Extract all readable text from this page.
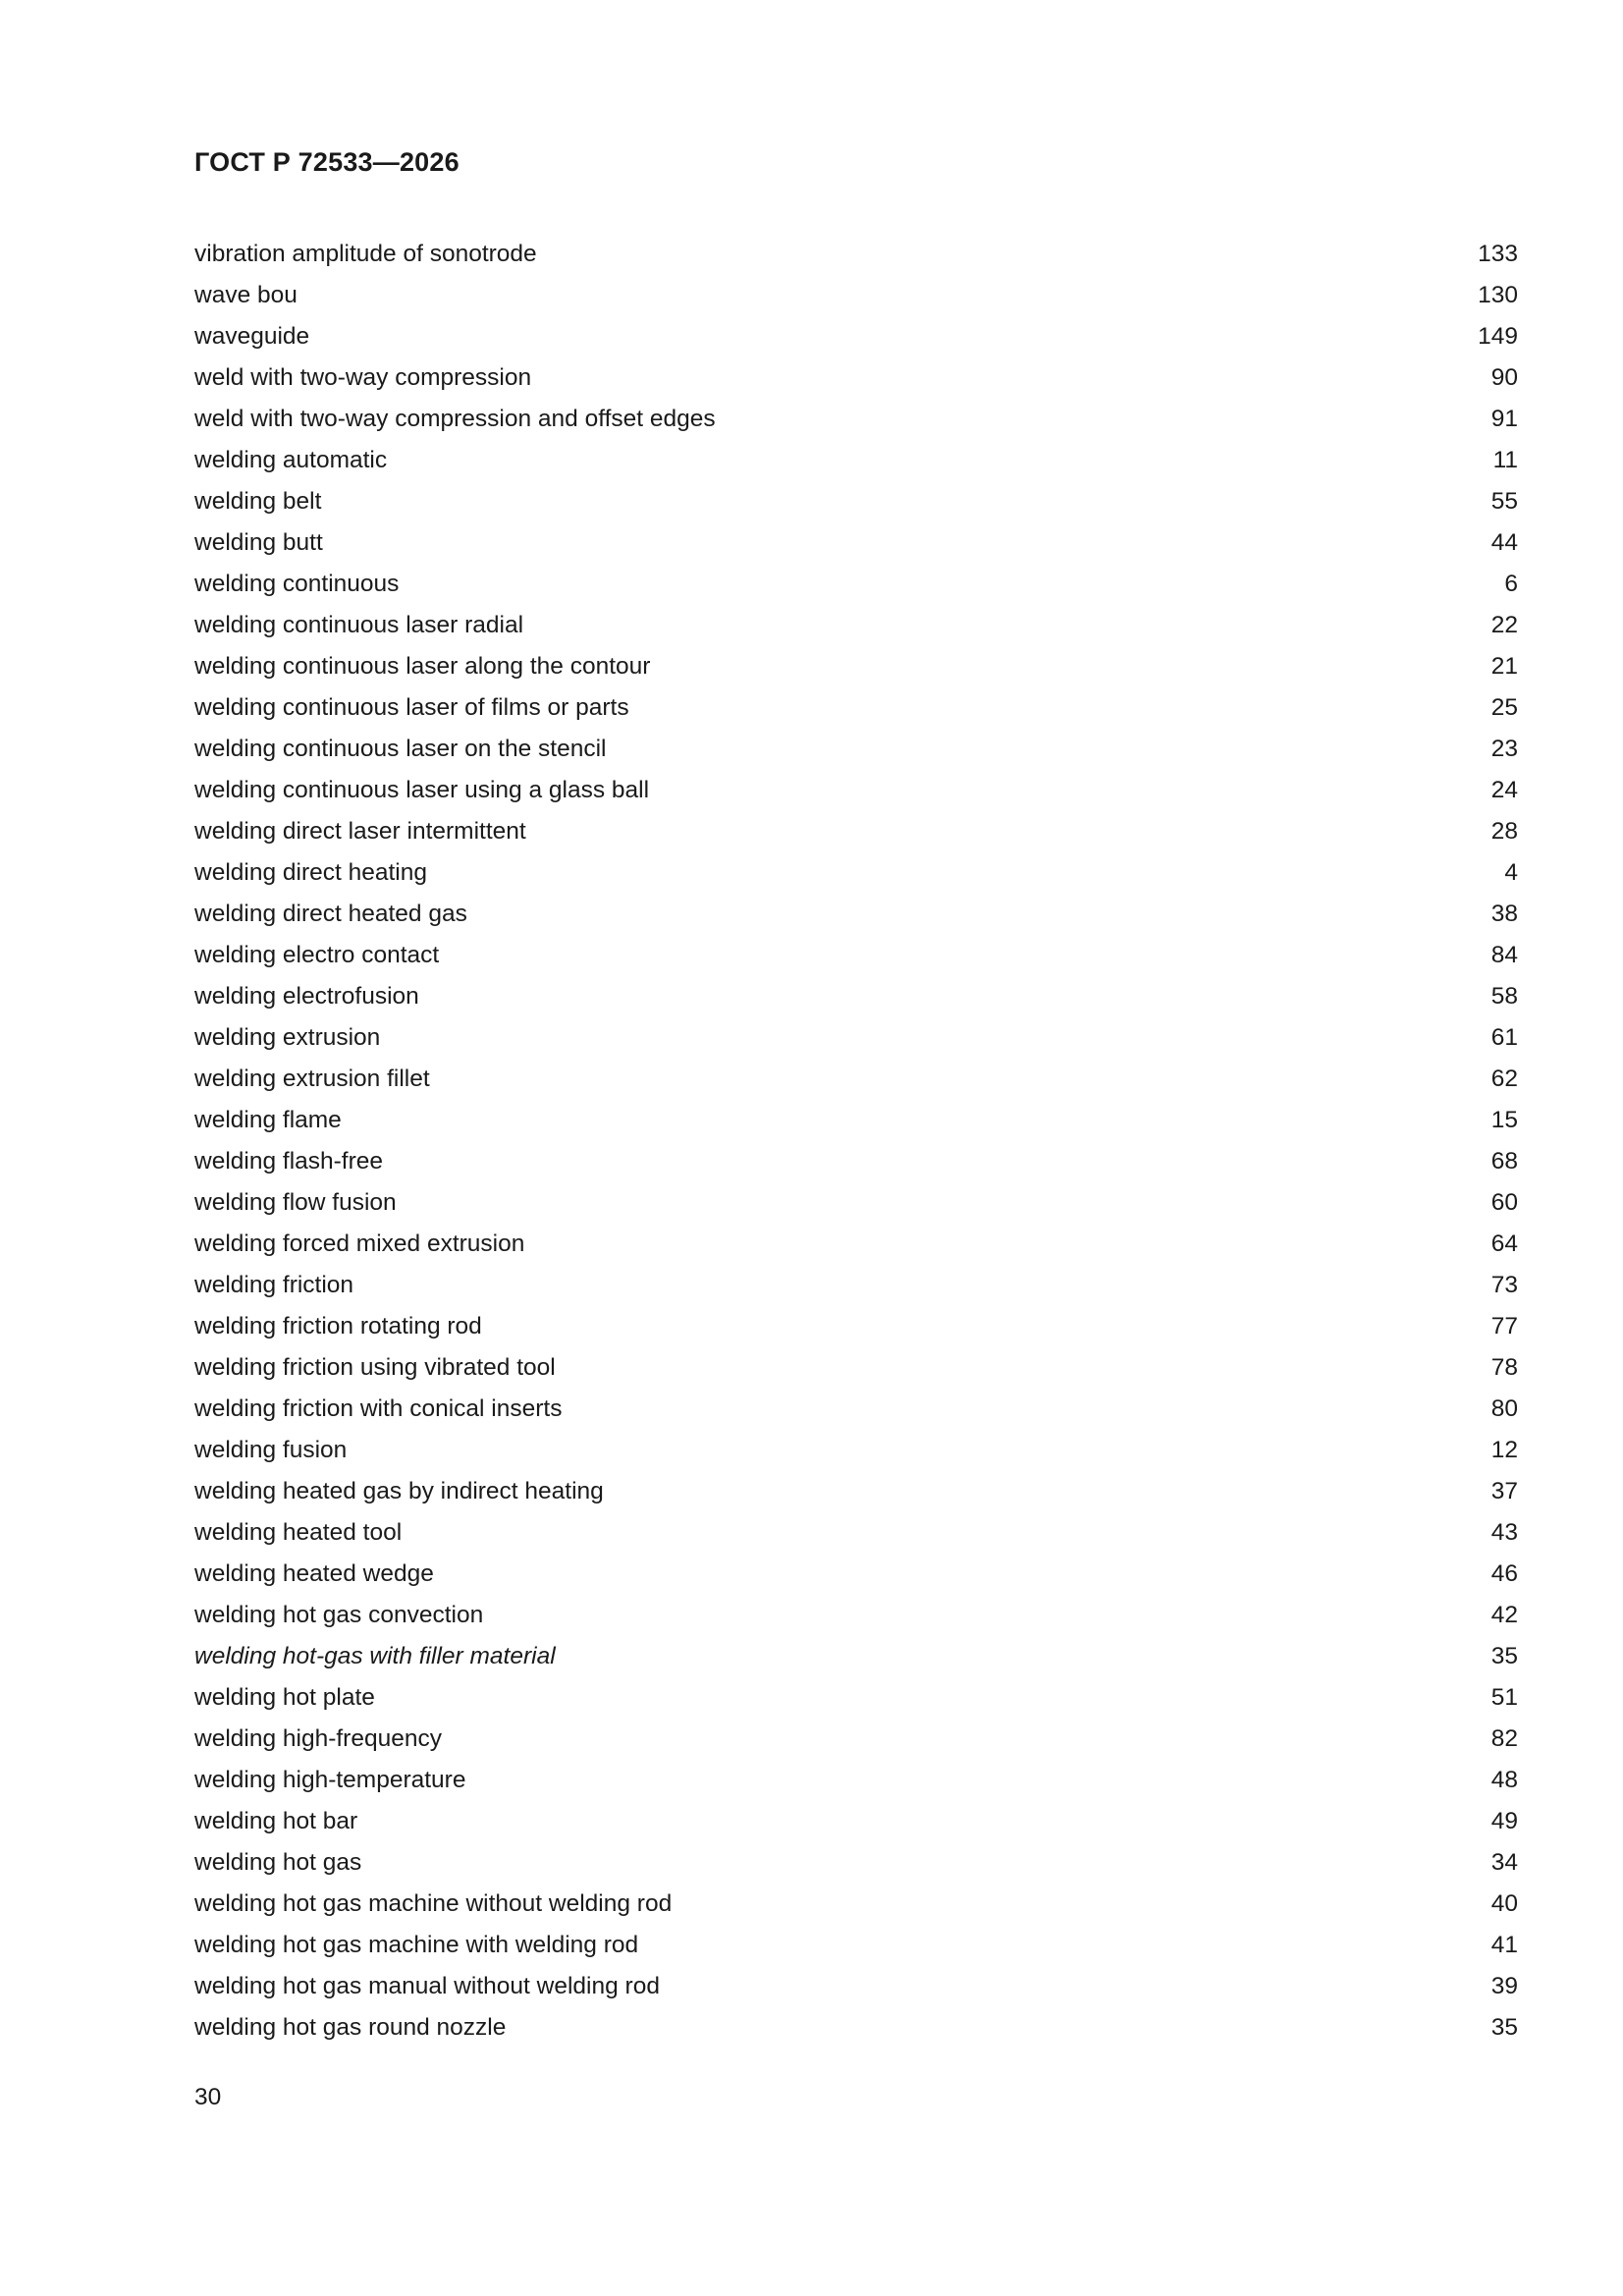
ГОСТ Р 72533—2026
vibration amplitude of sonotrode	133
wave bou	130
waveguide	149
weld with two-way compression	90
weld with two-way compression and offset edges	91
welding automatic	11
welding belt	55
welding butt	44
welding continuous	6
welding continuous laser radial	22
welding continuous laser along the contour	21
welding continuous laser of films or parts	25
welding continuous laser on the stencil	23
welding continuous laser using a glass ball	24
welding direct laser intermittent	28
welding direct heating	4
welding direct heated gas	38
welding electro contact	84
welding electrofusion	58
welding extrusion	61
welding extrusion fillet	62
welding flame	15
welding flash-free	68
welding flow fusion	60
welding forced mixed extrusion	64
welding friction	73
welding friction rotating rod	77
welding friction using vibrated tool	78
welding friction with conical inserts	80
welding fusion	12
welding heated gas by indirect heating	37
welding heated tool	43
welding heated wedge	46
welding hot gas convection	42
welding hot-gas with filler material	35
welding hot plate	51
welding high-frequency	82
welding high-temperature	48
welding hot bar	49
welding hot gas	34
welding hot gas machine without welding rod	40
welding hot gas machine with welding rod	41
welding hot gas manual without welding rod	39
welding hot gas round nozzle	35
30
